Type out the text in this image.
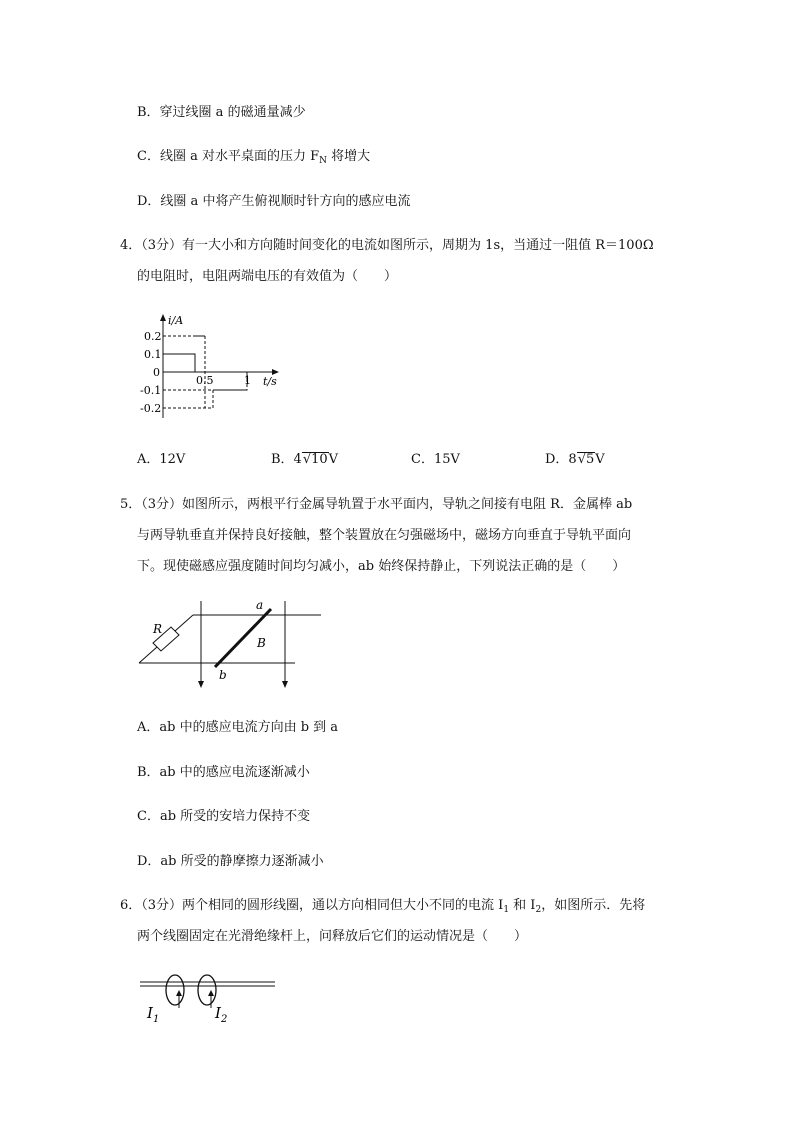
B．穿过线圈 a 的磁通量减少
C．线圈 a 对水平桌面的压力 $F_N$ 将增大
D．线圈 a 中将产生俯视顺时针方向的感应电流
4．（3分）有一大小和方向随时间变化的电流如图所示，周期为 1s，当通过一阻值 R＝100Ω
的电阻时，电阻两端电压的有效值为（　　）
i/A
t/s
0.2
0.1
0
-0.1
-0.2
0.5	1
A．12V	B．4√10V	C．15V	D．8√5V
5．（3分）如图所示，两根平行金属导轨置于水平面内，导轨之间接有电阻 R．金属棒 ab
与两导轨垂直并保持良好接触，整个装置放在匀强磁场中，磁场方向垂直于导轨平面向
下。现使磁感应强度随时间均匀减小，ab 始终保持静止，下列说法正确的是（　　）
R
a
b
B
A．ab 中的感应电流方向由 b 到 a
B．ab 中的感应电流逐渐减小
C．ab 所受的安培力保持不变
D．ab 所受的静摩擦力逐渐减小
6．（3分）两个相同的圆形线圈，通以方向相同但大小不同的电流 $I_1$ 和 $I_2$，如图所示．先将
两个线圈固定在光滑绝缘杆上，问释放后它们的运动情况是（　　）
$I_1$	$I_2$
